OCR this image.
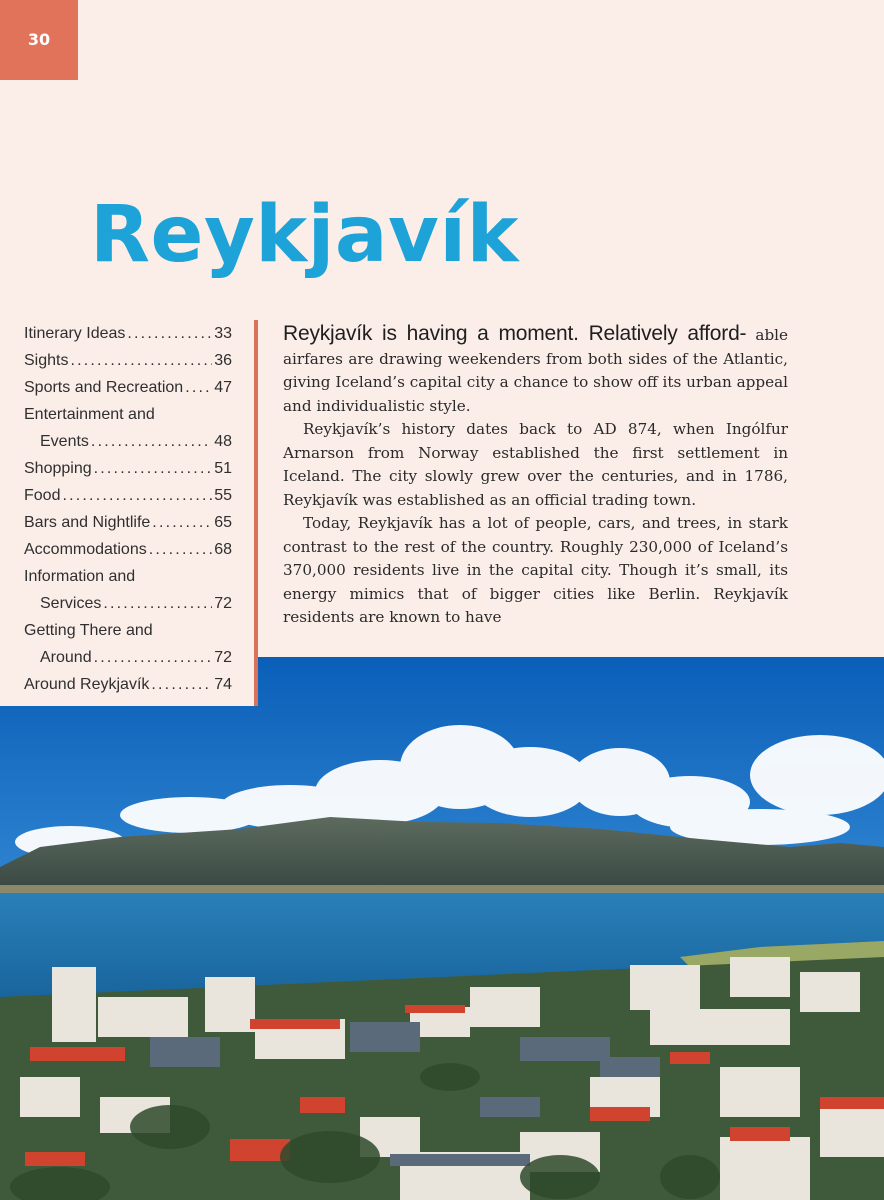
30
Reykjavík
Itinerary Ideas .....	33
Sights .....	36
Sports and Recreation ..... 47
Entertainment and
Events .....	48
Shopping .....	51
Food .....	55
Bars and Nightlife .....	65
Accommodations .....	68
Information and
Services .....	72
Getting There and
Around .....	72
Around Reykjavík .....	74

Reykjavík is having a moment. Relatively afford- able airfares are drawing weekenders from both sides of the Atlantic, giving Iceland’s capital city a chance to show off its urban appeal and individualistic style.

Reykjavík’s history dates back to AD 874, when Ingólfur Arnarson from Norway established the first settlement in Iceland. The city slowly grew over the centuries, and in 1786, Reykjavík was established as an official trading town.

Today, Reykjavík has a lot of people, cars, and trees, in stark contrast to the rest of the country. Roughly 230,000 of Iceland’s 370,000 residents live in the capital city. Though it’s small, its energy mimics that of bigger cities like Berlin. Reykjavík residents are known to have
